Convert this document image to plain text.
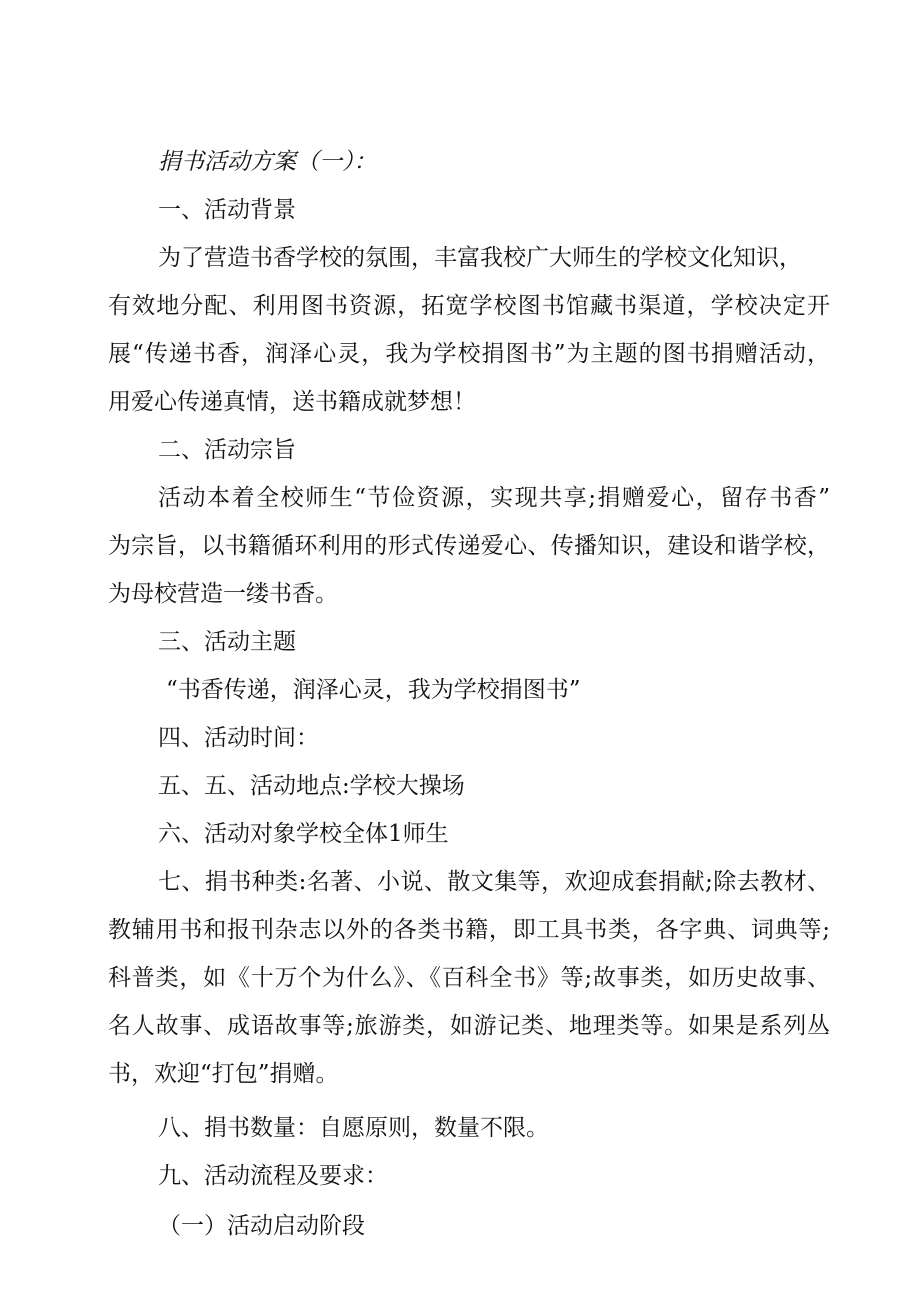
捐书活动方案（一）：
一、活动背景
为了营造书香学校的氛围，丰富我校广大师生的学校文化知识，
有效地分配、利用图书资源，拓宽学校图书馆藏书渠道，学校决定开
展“传递书香，润泽心灵，我为学校捐图书”为主题的图书捐赠活动，
用爱心传递真情，送书籍成就梦想！
二、活动宗旨
活动本着全校师生“节俭资源，实现共享;捐赠爱心，留存书香”
为宗旨，以书籍循环利用的形式传递爱心、传播知识，建设和谐学校，
为母校营造一缕书香。
三、活动主题
“书香传递，润泽心灵，我为学校捐图书”
四、活动时间：
五、五、活动地点:学校大操场
六、活动对象学校全体1师生
七、捐书种类:名著、小说、散文集等，欢迎成套捐献;除去教材、
教辅用书和报刊杂志以外的各类书籍，即工具书类，各字典、词典等;
科普类，如《十万个为什么》、《百科全书》等;故事类，如历史故事、
名人故事、成语故事等;旅游类，如游记类、地理类等。如果是系列丛
书，欢迎“打包”捐赠。
八、捐书数量：自愿原则，数量不限。
九、活动流程及要求：
（一）活动启动阶段
